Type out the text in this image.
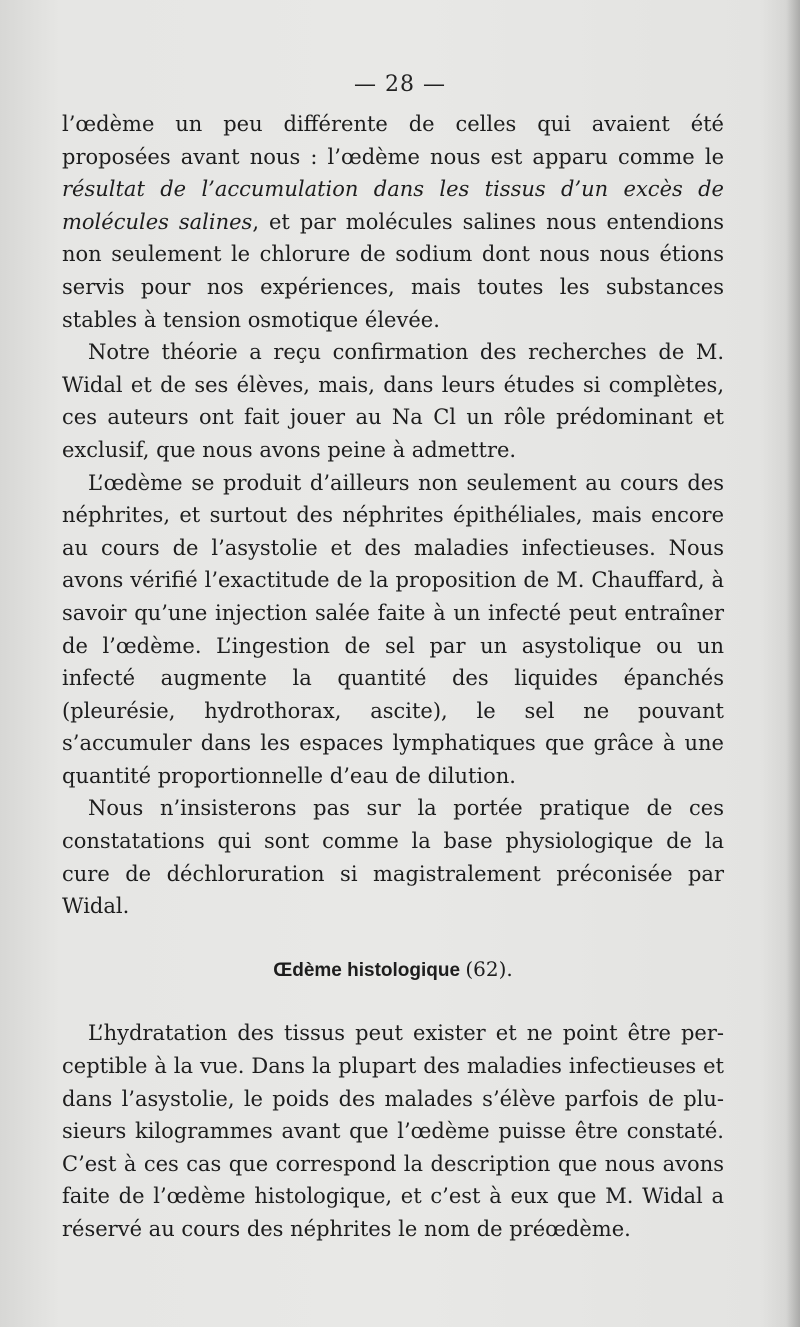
— 28 —

l’œdème un peu différente de celles qui avaient été proposées avant nous : l’œdème nous est apparu comme le résultat de l’accumulation dans les tissus d’un excès de molécules salines, et par molécules salines nous entendions non seulement le chlorure de sodium dont nous nous étions servis pour nos expériences, mais toutes les substances stables à tension osmotique élevée.

Notre théorie a reçu confirmation des recherches de M. Widal et de ses élèves, mais, dans leurs études si complètes, ces auteurs ont fait jouer au Na Cl un rôle prédominant et exclusif, que nous avons peine à admettre.

L’œdème se produit d’ailleurs non seulement au cours des néphrites, et surtout des néphrites épithéliales, mais encore au cours de l’asystolie et des maladies infectieuses. Nous avons vérifié l’exactitude de la proposition de M. Chauffard, à savoir qu’une injection salée faite à un infecté peut entraîner de l’œdème. L’ingestion de sel par un asystolique ou un infecté augmente la quantité des liquides épanchés (pleurésie, hydrothorax, ascite), le sel ne pouvant s’accumuler dans les espaces lymphatiques que grâce à une quantité proportionnelle d’eau de dilution.

Nous n’insisterons pas sur la portée pratique de ces constatations qui sont comme la base physiologique de la cure de déchloruration si magistralement préconisée par Widal.

Œdème histologique (62).

L’hydratation des tissus peut exister et ne point être perceptible à la vue. Dans la plupart des maladies infectieuses et dans l’asystolie, le poids des malades s’élève parfois de plusieurs kilogrammes avant que l’œdème puisse être constaté. C’est à ces cas que correspond la description que nous avons faite de l’œdème histologique, et c’est à eux que M. Widal a réservé au cours des néphrites le nom de préœdème.
